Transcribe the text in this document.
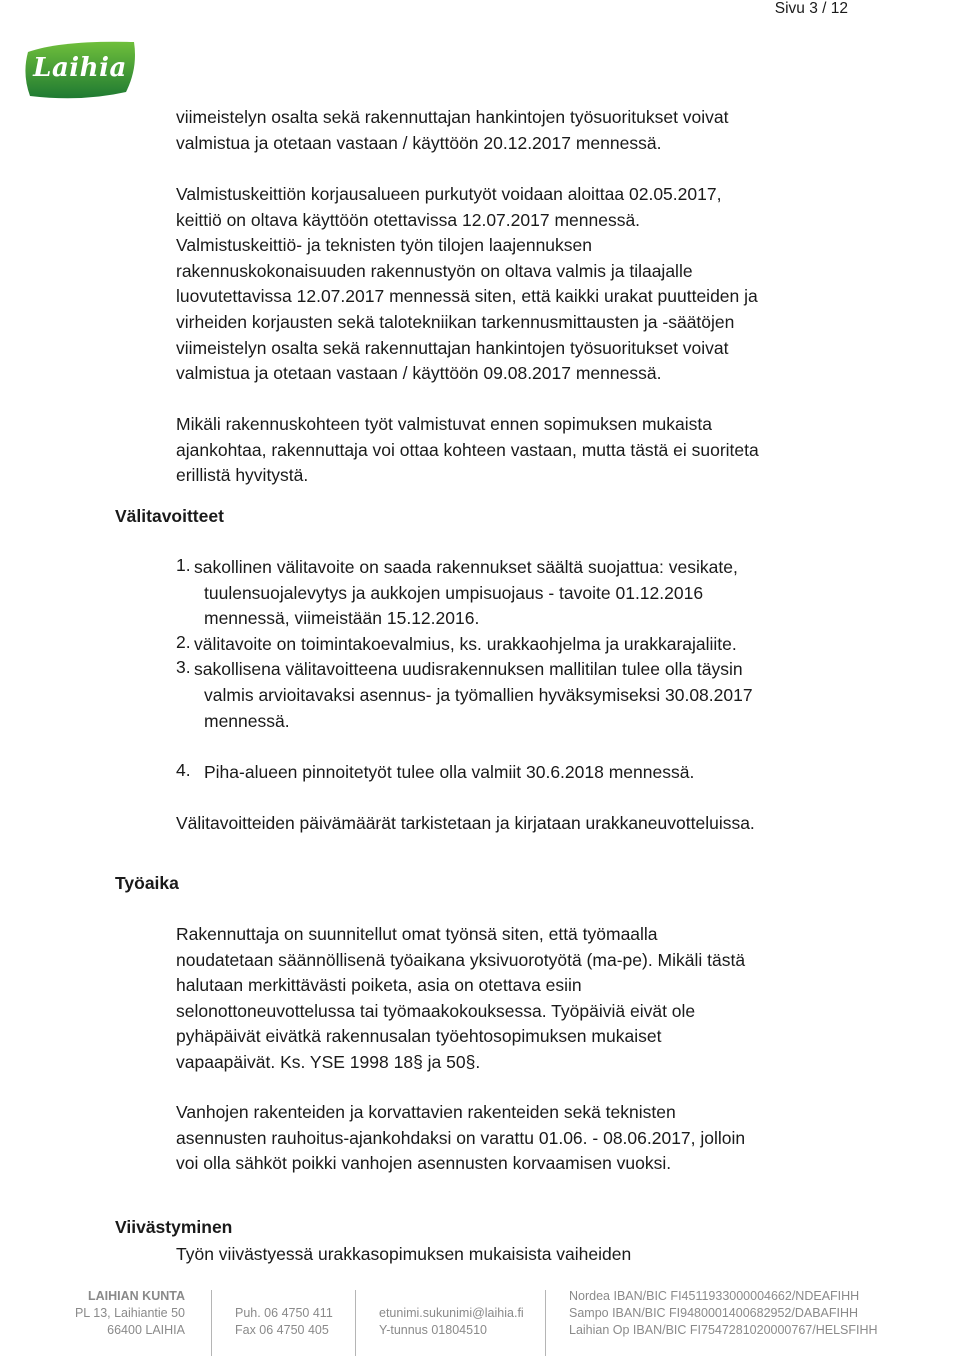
Sivu 3 / 12
Laihia
viimeistelyn osalta sekä rakennuttajan hankintojen työsuoritukset voivat
valmistua ja otetaan vastaan / käyttöön 20.12.2017 mennessä.
Valmistuskeittiön korjausalueen purkutyöt voidaan aloittaa 02.05.2017,
keittiö on oltava käyttöön otettavissa 12.07.2017 mennessä.
Valmistuskeittiö- ja teknisten työn tilojen laajennuksen
rakennuskokonaisuuden rakennustyön on oltava valmis ja tilaajalle
luovutettavissa 12.07.2017 mennessä siten, että kaikki urakat puutteiden ja
virheiden korjausten sekä talotekniikan tarkennusmittausten ja -säätöjen
viimeistelyn osalta sekä rakennuttajan hankintojen työsuoritukset voivat
valmistua ja otetaan vastaan / käyttöön 09.08.2017 mennessä.
Mikäli rakennuskohteen työt valmistuvat ennen sopimuksen mukaista
ajankohtaa, rakennuttaja voi ottaa kohteen vastaan, mutta tästä ei suoriteta
erillistä hyvitystä.
Välitavoitteet
1. sakollinen välitavoite on saada rakennukset säältä suojattua: vesikate,
tuulensuojalevytys ja aukkojen umpisuojaus - tavoite 01.12.2016
mennessä, viimeistään 15.12.2016.
2. välitavoite on toimintakoevalmius, ks. urakkaohjelma ja urakkarajaliite.
3. sakollisena välitavoitteena uudisrakennuksen mallitilan tulee olla täysin
valmis arvioitavaksi asennus- ja työmallien hyväksymiseksi 30.08.2017
mennessä.
4. Piha-alueen pinnoitetyöt tulee olla valmiit 30.6.2018 mennessä.
Välitavoitteiden päivämäärät tarkistetaan ja kirjataan urakkaneuvotteluissa.
Työaika
Rakennuttaja on suunnitellut omat työnsä siten, että työmaalla
noudatetaan säännöllisenä työaikana yksivuorotyötä (ma-pe). Mikäli tästä
halutaan merkittävästi poiketa, asia on otettava esiin
selonottoneuvottelussa tai työmaakokouksessa. Työpäiviä eivät ole
pyhäpäivät eivätkä rakennusalan työehtosopimuksen mukaiset
vapaapäivät. Ks. YSE 1998 18§ ja 50§.
Vanhojen rakenteiden ja korvattavien rakenteiden sekä teknisten
asennusten rauhoitus-ajankohdaksi on varattu 01.06. - 08.06.2017, jolloin
voi olla sähköt poikki vanhojen asennusten korvaamisen vuoksi.
Viivästyminen
Työn viivästyessä urakkasopimuksen mukaisista vaiheiden
LAIHIAN KUNTA
PL 13, Laihiantie 50
66400 LAIHIA
Puh. 06 4750 411
Fax 06 4750 405
etunimi.sukunimi@laihia.fi
Y-tunnus 01804510
Nordea IBAN/BIC FI4511933000004662/NDEAFIHH
Sampo IBAN/BIC FI9480001400682952/DABAFIHH
Laihian Op IBAN/BIC FI7547281020000767/HELSFIHH
